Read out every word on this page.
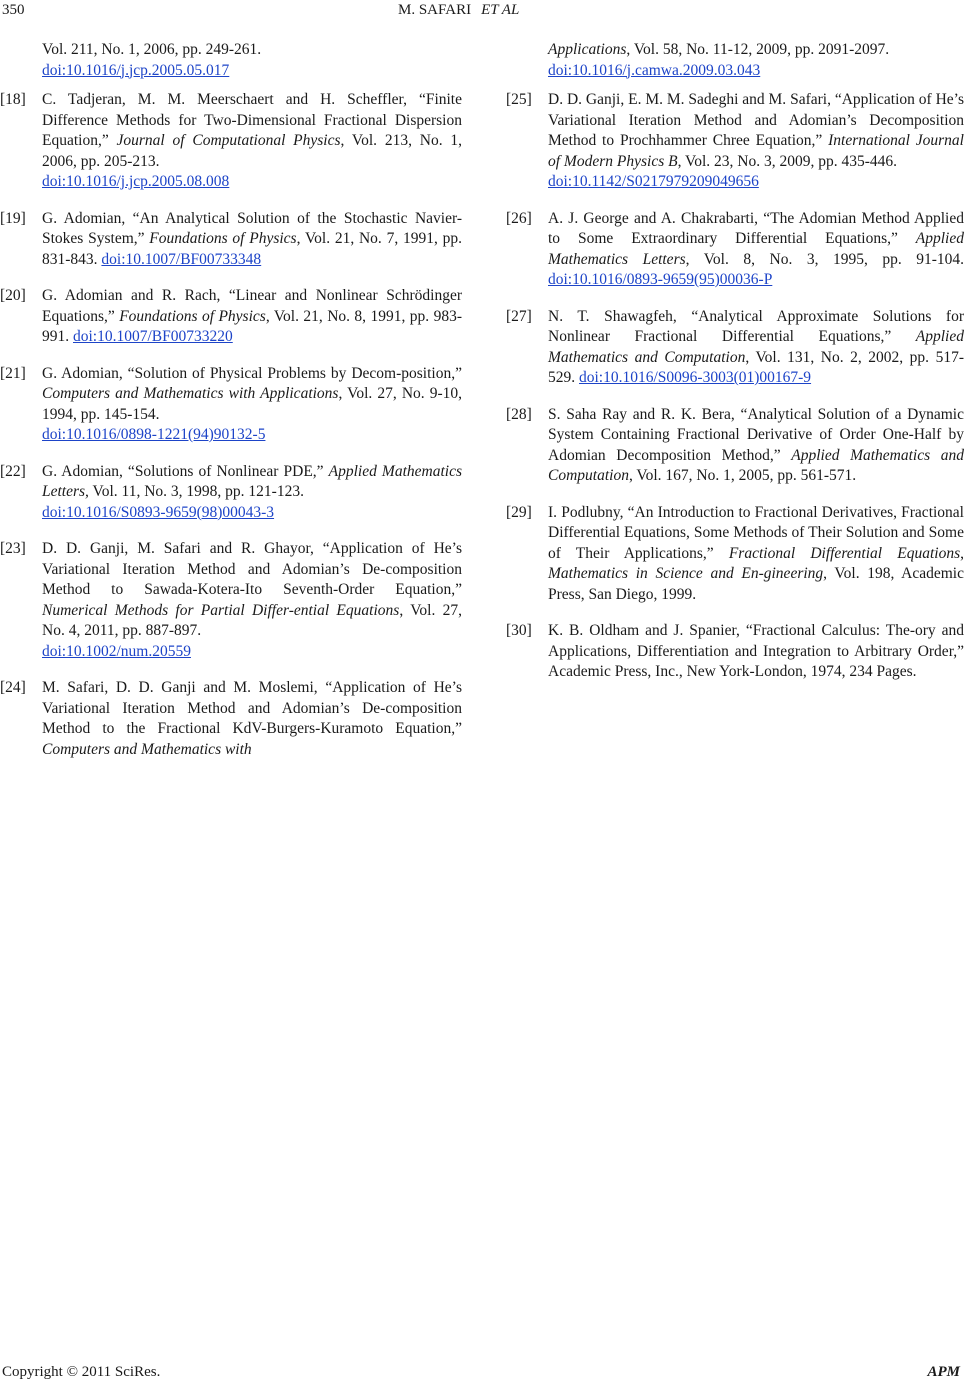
350	M. SAFARI ET AL
Vol. 211, No. 1, 2006, pp. 249-261.
doi:10.1016/j.jcp.2005.05.017
[18] C. Tadjeran, M. M. Meerschaert and H. Scheffler, “Finite Difference Methods for Two-Dimensional Fractional Dispersion Equation,” Journal of Computational Physics, Vol. 213, No. 1, 2006, pp. 205-213.
doi:10.1016/j.jcp.2005.08.008
[19] G. Adomian, “An Analytical Solution of the Stochastic Navier-Stokes System,” Foundations of Physics, Vol. 21, No. 7, 1991, pp. 831-843. doi:10.1007/BF00733348
[20] G. Adomian and R. Rach, “Linear and Nonlinear Schrödinger Equations,” Foundations of Physics, Vol. 21, No. 8, 1991, pp. 983-991. doi:10.1007/BF00733220
[21] G. Adomian, “Solution of Physical Problems by Decom-position,” Computers and Mathematics with Applications, Vol. 27, No. 9-10, 1994, pp. 145-154.
doi:10.1016/0898-1221(94)90132-5
[22] G. Adomian, “Solutions of Nonlinear PDE,” Applied Mathematics Letters, Vol. 11, No. 3, 1998, pp. 121-123.
doi:10.1016/S0893-9659(98)00043-3
[23] D. D. Ganji, M. Safari and R. Ghayor, “Application of He’s Variational Iteration Method and Adomian’s De-composition Method to Sawada-Kotera-Ito Seventh-Order Equation,” Numerical Methods for Partial Differ-ential Equations, Vol. 27, No. 4, 2011, pp. 887-897.
doi:10.1002/num.20559
[24] M. Safari, D. D. Ganji and M. Moslemi, “Application of He’s Variational Iteration Method and Adomian’s De-composition Method to the Fractional KdV-Burgers-Kuramoto Equation,” Computers and Mathematics with
Applications, Vol. 58, No. 11-12, 2009, pp. 2091-2097.
doi:10.1016/j.camwa.2009.03.043
[25] D. D. Ganji, E. M. M. Sadeghi and M. Safari, “Application of He’s Variational Iteration Method and Adomian’s Decomposition Method to Prochhammer Chree Equation,” International Journal of Modern Physics B, Vol. 23, No. 3, 2009, pp. 435-446.
doi:10.1142/S0217979209049656
[26] A. J. George and A. Chakrabarti, “The Adomian Method Applied to Some Extraordinary Differential Equations,” Applied Mathematics Letters, Vol. 8, No. 3, 1995, pp. 91-104. doi:10.1016/0893-9659(95)00036-P
[27] N. T. Shawagfeh, “Analytical Approximate Solutions for Nonlinear Fractional Differential Equations,” Applied Mathematics and Computation, Vol. 131, No. 2, 2002, pp. 517-529. doi:10.1016/S0096-3003(01)00167-9
[28] S. Saha Ray and R. K. Bera, “Analytical Solution of a Dynamic System Containing Fractional Derivative of Order One-Half by Adomian Decomposition Method,” Applied Mathematics and Computation, Vol. 167, No. 1, 2005, pp. 561-571.
[29] I. Podlubny, “An Introduction to Fractional Derivatives, Fractional Differential Equations, Some Methods of Their Solution and Some of Their Applications,” Fractional Differential Equations, Mathematics in Science and En-gineering, Vol. 198, Academic Press, San Diego, 1999.
[30] K. B. Oldham and J. Spanier, “Fractional Calculus: The-ory and Applications, Differentiation and Integration to Arbitrary Order,” Academic Press, Inc., New York-London, 1974, 234 Pages.
Copyright © 2011 SciRes.	APM
